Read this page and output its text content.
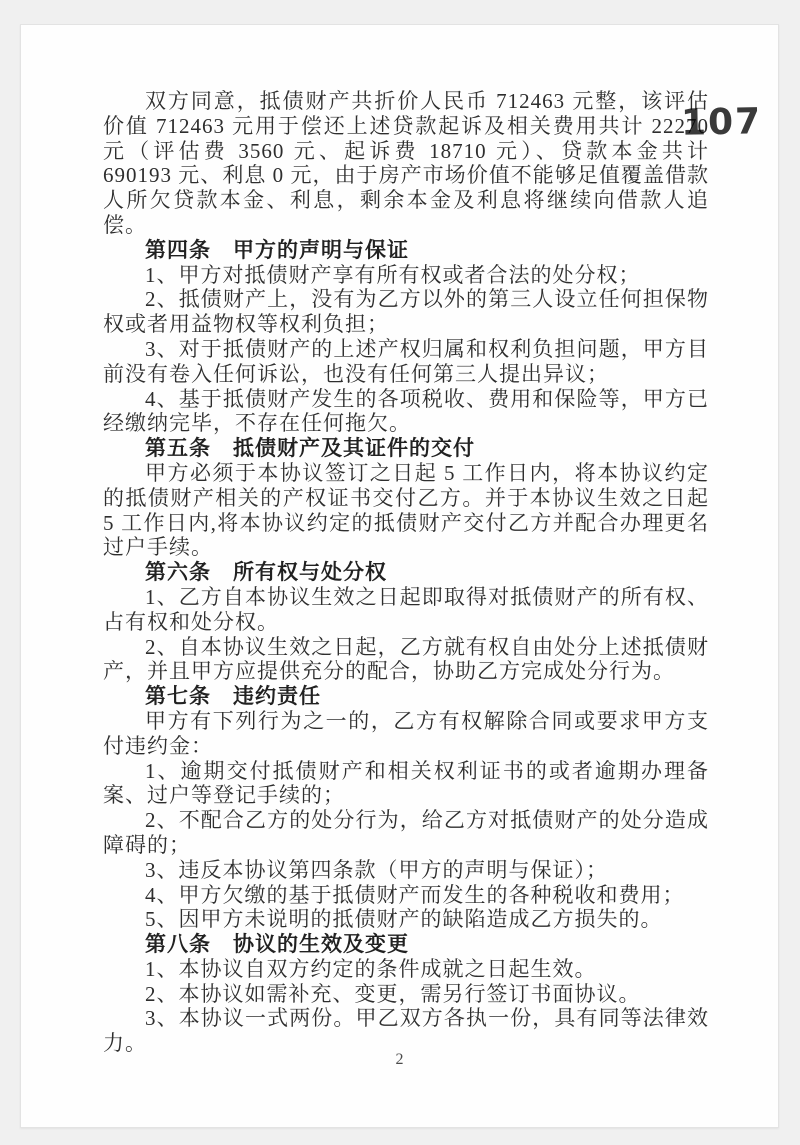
双方同意，抵债财产共折价人民币 712463 元整，该评估价值 712463 元用于偿还上述贷款起诉及相关费用共计 22270 元（评估费 3560 元、起诉费 18710 元）、贷款本金共计 690193 元、利息 0 元，由于房产市场价值不能够足值覆盖借款人所欠贷款本金、利息，剩余本金及利息将继续向借款人追偿。

第四条　甲方的声明与保证

1、甲方对抵债财产享有所有权或者合法的处分权；

2、抵债财产上，没有为乙方以外的第三人设立任何担保物权或者用益物权等权利负担；

3、对于抵债财产的上述产权归属和权利负担问题，甲方目前没有卷入任何诉讼，也没有任何第三人提出异议；

4、基于抵债财产发生的各项税收、费用和保险等，甲方已经缴纳完毕，不存在任何拖欠。

第五条　抵债财产及其证件的交付

甲方必须于本协议签订之日起 5 工作日内，将本协议约定的抵债财产相关的产权证书交付乙方。并于本协议生效之日起 5 工作日内,将本协议约定的抵债财产交付乙方并配合办理更名过户手续。

第六条　所有权与处分权

1、乙方自本协议生效之日起即取得对抵债财产的所有权、占有权和处分权。

2、自本协议生效之日起，乙方就有权自由处分上述抵债财产，并且甲方应提供充分的配合，协助乙方完成处分行为。

第七条　违约责任

甲方有下列行为之一的，乙方有权解除合同或要求甲方支付违约金：

1、逾期交付抵债财产和相关权利证书的或者逾期办理备案、过户等登记手续的；

2、不配合乙方的处分行为，给乙方对抵债财产的处分造成障碍的；

3、违反本协议第四条款（甲方的声明与保证）；

4、甲方欠缴的基于抵债财产而发生的各种税收和费用；

5、因甲方未说明的抵债财产的缺陷造成乙方损失的。

第八条　协议的生效及变更

1、本协议自双方约定的条件成就之日起生效。

2、本协议如需补充、变更，需另行签订书面协议。

3、本协议一式两份。甲乙双方各执一份，具有同等法律效力。

107
2
